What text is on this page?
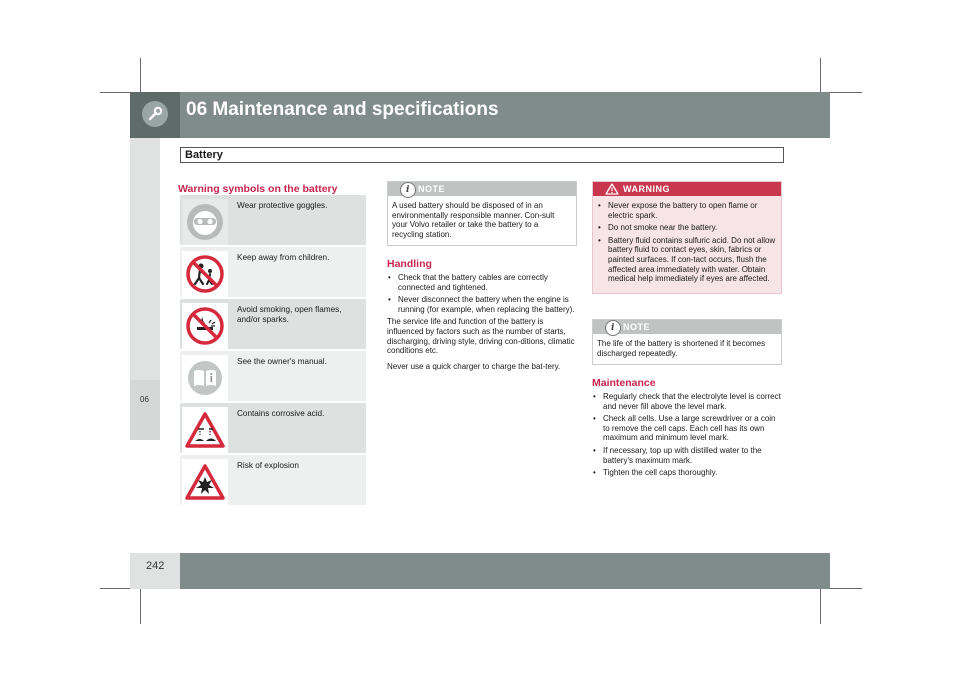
06 Maintenance and specifications
Battery
06
Warning symbols on the battery
Wear protective goggles.
Keep away from children.
Avoid smoking, open flames, and/or sparks.
See the owner's manual.
Contains corrosive acid.
Risk of explosion
i NOTE
A used battery should be disposed of in an environmentally responsible manner. Con-sult your Volvo retailer or take the battery to a recycling station.
Handling
• Check that the battery cables are correctly connected and tightened.
• Never disconnect the battery when the engine is running (for example, when replacing the battery).

The service life and function of the battery is influenced by factors such as the number of starts, discharging, driving style, driving con-ditions, climatic conditions etc.

Never use a quick charger to charge the bat-tery.

WARNING
• Never expose the battery to open flame or electric spark.
• Do not smoke near the battery.
• Battery fluid contains sulfuric acid. Do not allow battery fluid to contact eyes, skin, fabrics or painted surfaces. If con-tact occurs, flush the affected area immediately with water. Obtain medical help immediately if eyes are affected.
i NOTE
The life of the battery is shortened if it becomes discharged repeatedly.
Maintenance
• Regularly check that the electrolyte level is correct and never fill above the level mark.
• Check all cells. Use a large screwdriver or a coin to remove the cell caps. Each cell has its own maximum and minimum level mark.
• If necessary, top up with distilled water to the battery's maximum mark.
• Tighten the cell caps thoroughly.
242
